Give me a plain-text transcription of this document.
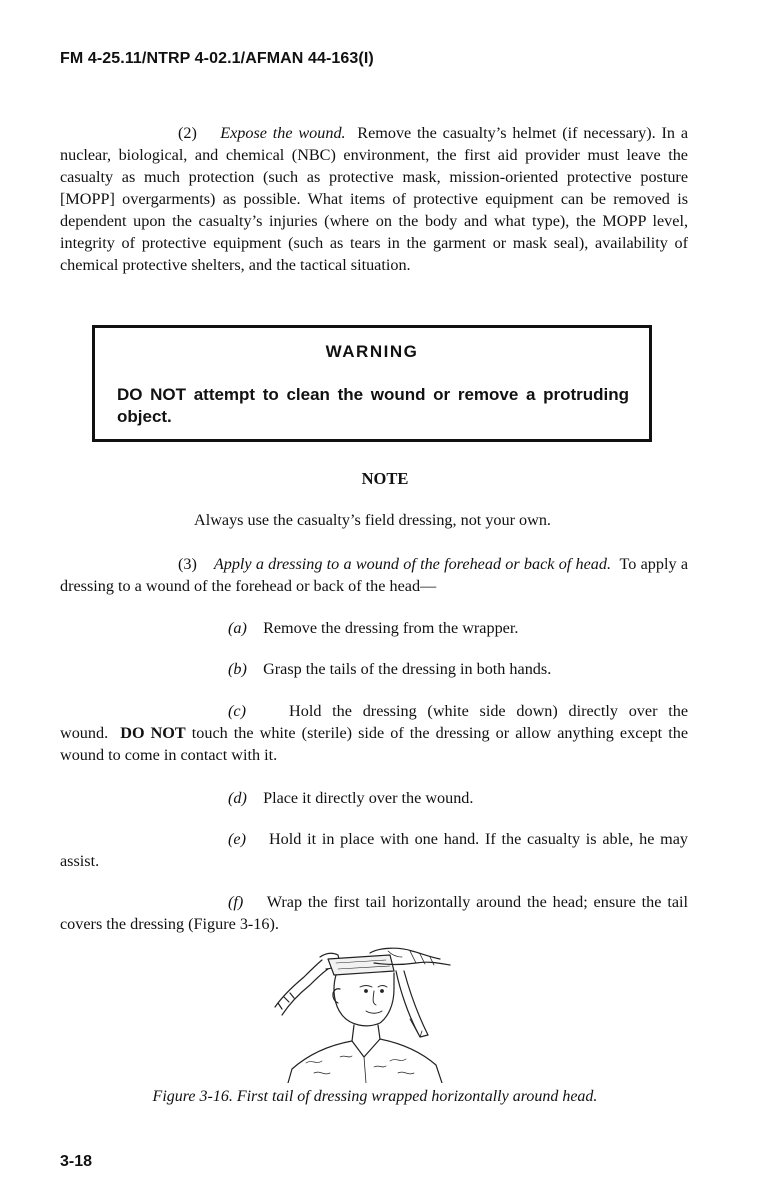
FM 4-25.11/NTRP 4-02.1/AFMAN 44-163(I)
(2) Expose the wound. Remove the casualty’s helmet (if necessary). In a nuclear, biological, and chemical (NBC) environment, the first aid provider must leave the casualty as much protection (such as protective mask, mission-oriented protective posture [MOPP] overgarments) as possible. What items of protective equipment can be removed is dependent upon the casualty’s injuries (where on the body and what type), the MOPP level, integrity of protective equipment (such as tears in the garment or mask seal), availability of chemical protective shelters, and the tactical situation.
WARNING
DO NOT attempt to clean the wound or remove a protruding object.
NOTE
Always use the casualty’s field dressing, not your own.
(3) Apply a dressing to a wound of the forehead or back of head. To apply a dressing to a wound of the forehead or back of the head—
(a) Remove the dressing from the wrapper.
(b) Grasp the tails of the dressing in both hands.
(c)	Hold the dressing (white side down) directly over the wound. DO NOT touch the white (sterile) side of the dressing or allow anything except the wound to come in contact with it.
(d) Place it directly over the wound.
(e) Hold it in place with one hand. If the casualty is able, he may assist.
(f) Wrap the first tail horizontally around the head; ensure the tail covers the dressing (Figure 3-16).
Figure 3-16. First tail of dressing wrapped horizontally around head.
3-18
